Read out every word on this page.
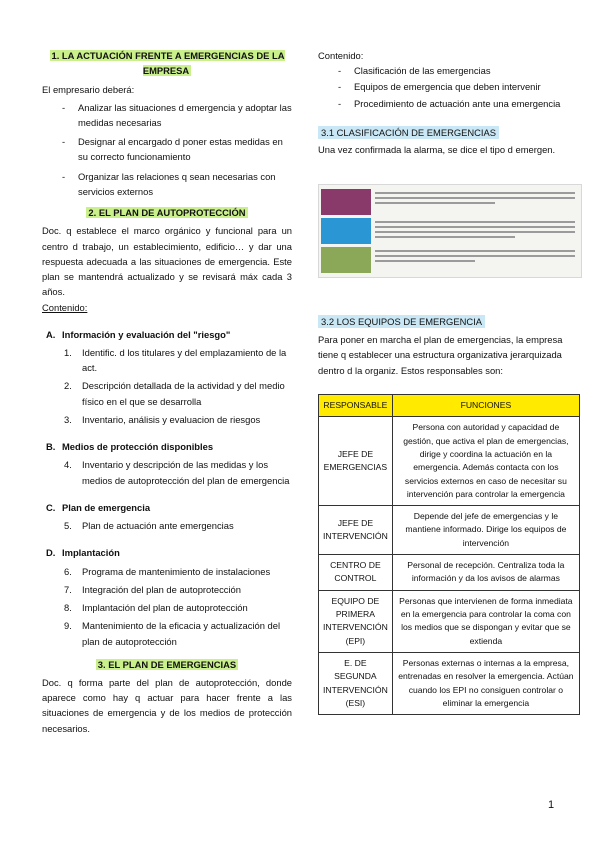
1. LA ACTUACIÓN FRENTE A EMERGENCIAS DE LA EMPRESA

El empresario deberá:

- Analizar las situaciones d emergencia y adoptar las medidas necesarias
- Designar al encargado d poner estas medidas en su correcto funcionamiento
- Organizar las relaciones q sean necesarias con servicios externos
2. EL PLAN DE AUTOPROTECCIÓN

Doc. q establece el marco orgánico y funcional para un centro d trabajo, un establecimiento, edificio… y dar una respuesta adecuada a las situaciones de emergencia. Este plan se mantendrá actualizado y se revisará máx cada 3 años.

Contenido:

A. Información y evaluación del "riesgo"
1. Identific. d los titulares y del emplazamiento de la act.
2. Descripción detallada de la actividad y del medio físico en el que se desarrolla
3. Inventario, análisis y evaluacion de riesgos
B. Medios de protección disponibles
4. Inventario y descripción de las medidas y los medios de autoprotección del plan de emergencia
C. Plan de emergencia
5. Plan de actuación ante emergencias
D. Implantación
6. Programa de mantenimiento de instalaciones
7. Integración del plan de autoprotección
8. Implantación del plan de autoprotección
9. Mantenimiento de la eficacia y actualización del plan de autoprotección
3. EL PLAN DE EMERGENCIAS

Doc. q forma parte del plan de autoprotección, donde aparece como hay q actuar para hacer frente a las situaciones de emergencia y de los medios de protección necesarios.

Contenido:

- Clasificación de las emergencias
- Equipos de emergencia que deben intervenir
- Procedimiento de actuación ante una emergencia
3.1 CLASIFICACIÓN DE EMERGENCIAS

Una vez confirmada la alarma, se dice el tipo d emergen.

3.2 LOS EQUIPOS DE EMERGENCIA

Para poner en marcha el plan de emergencias, la empresa tiene q establecer una estructura organizativa jerarquizada dentro d la organiz. Estos responsables son:

RESPONSABLE	FUNCIONES
JEFE DE EMERGENCIAS	Persona con autoridad y capacidad de gestión, que activa el plan de emergencias, dirige y coordina la actuación en la emergencia. Además contacta con los servicios externos en caso de necesitar su intervención para controlar la emergencia
JEFE DE INTERVENCIÓN	Depende del jefe de emergencias y le mantiene informado. Dirige los equipos de intervención
CENTRO DE CONTROL	Personal de recepción. Centraliza toda la información y da los avisos de alarmas
EQUIPO DE PRIMERA INTERVENCIÓN (EPI)	Personas que intervienen de forma inmediata en la emergencia para controlar la coma con los medios que se dispongan y evitar que se extienda
E. DE SEGUNDA INTERVENCIÓN (ESI)	Personas externas o internas a la empresa, entrenadas en resolver la emergencia. Actúan cuando los EPI no consiguen controlar o eliminar la emergencia
1
